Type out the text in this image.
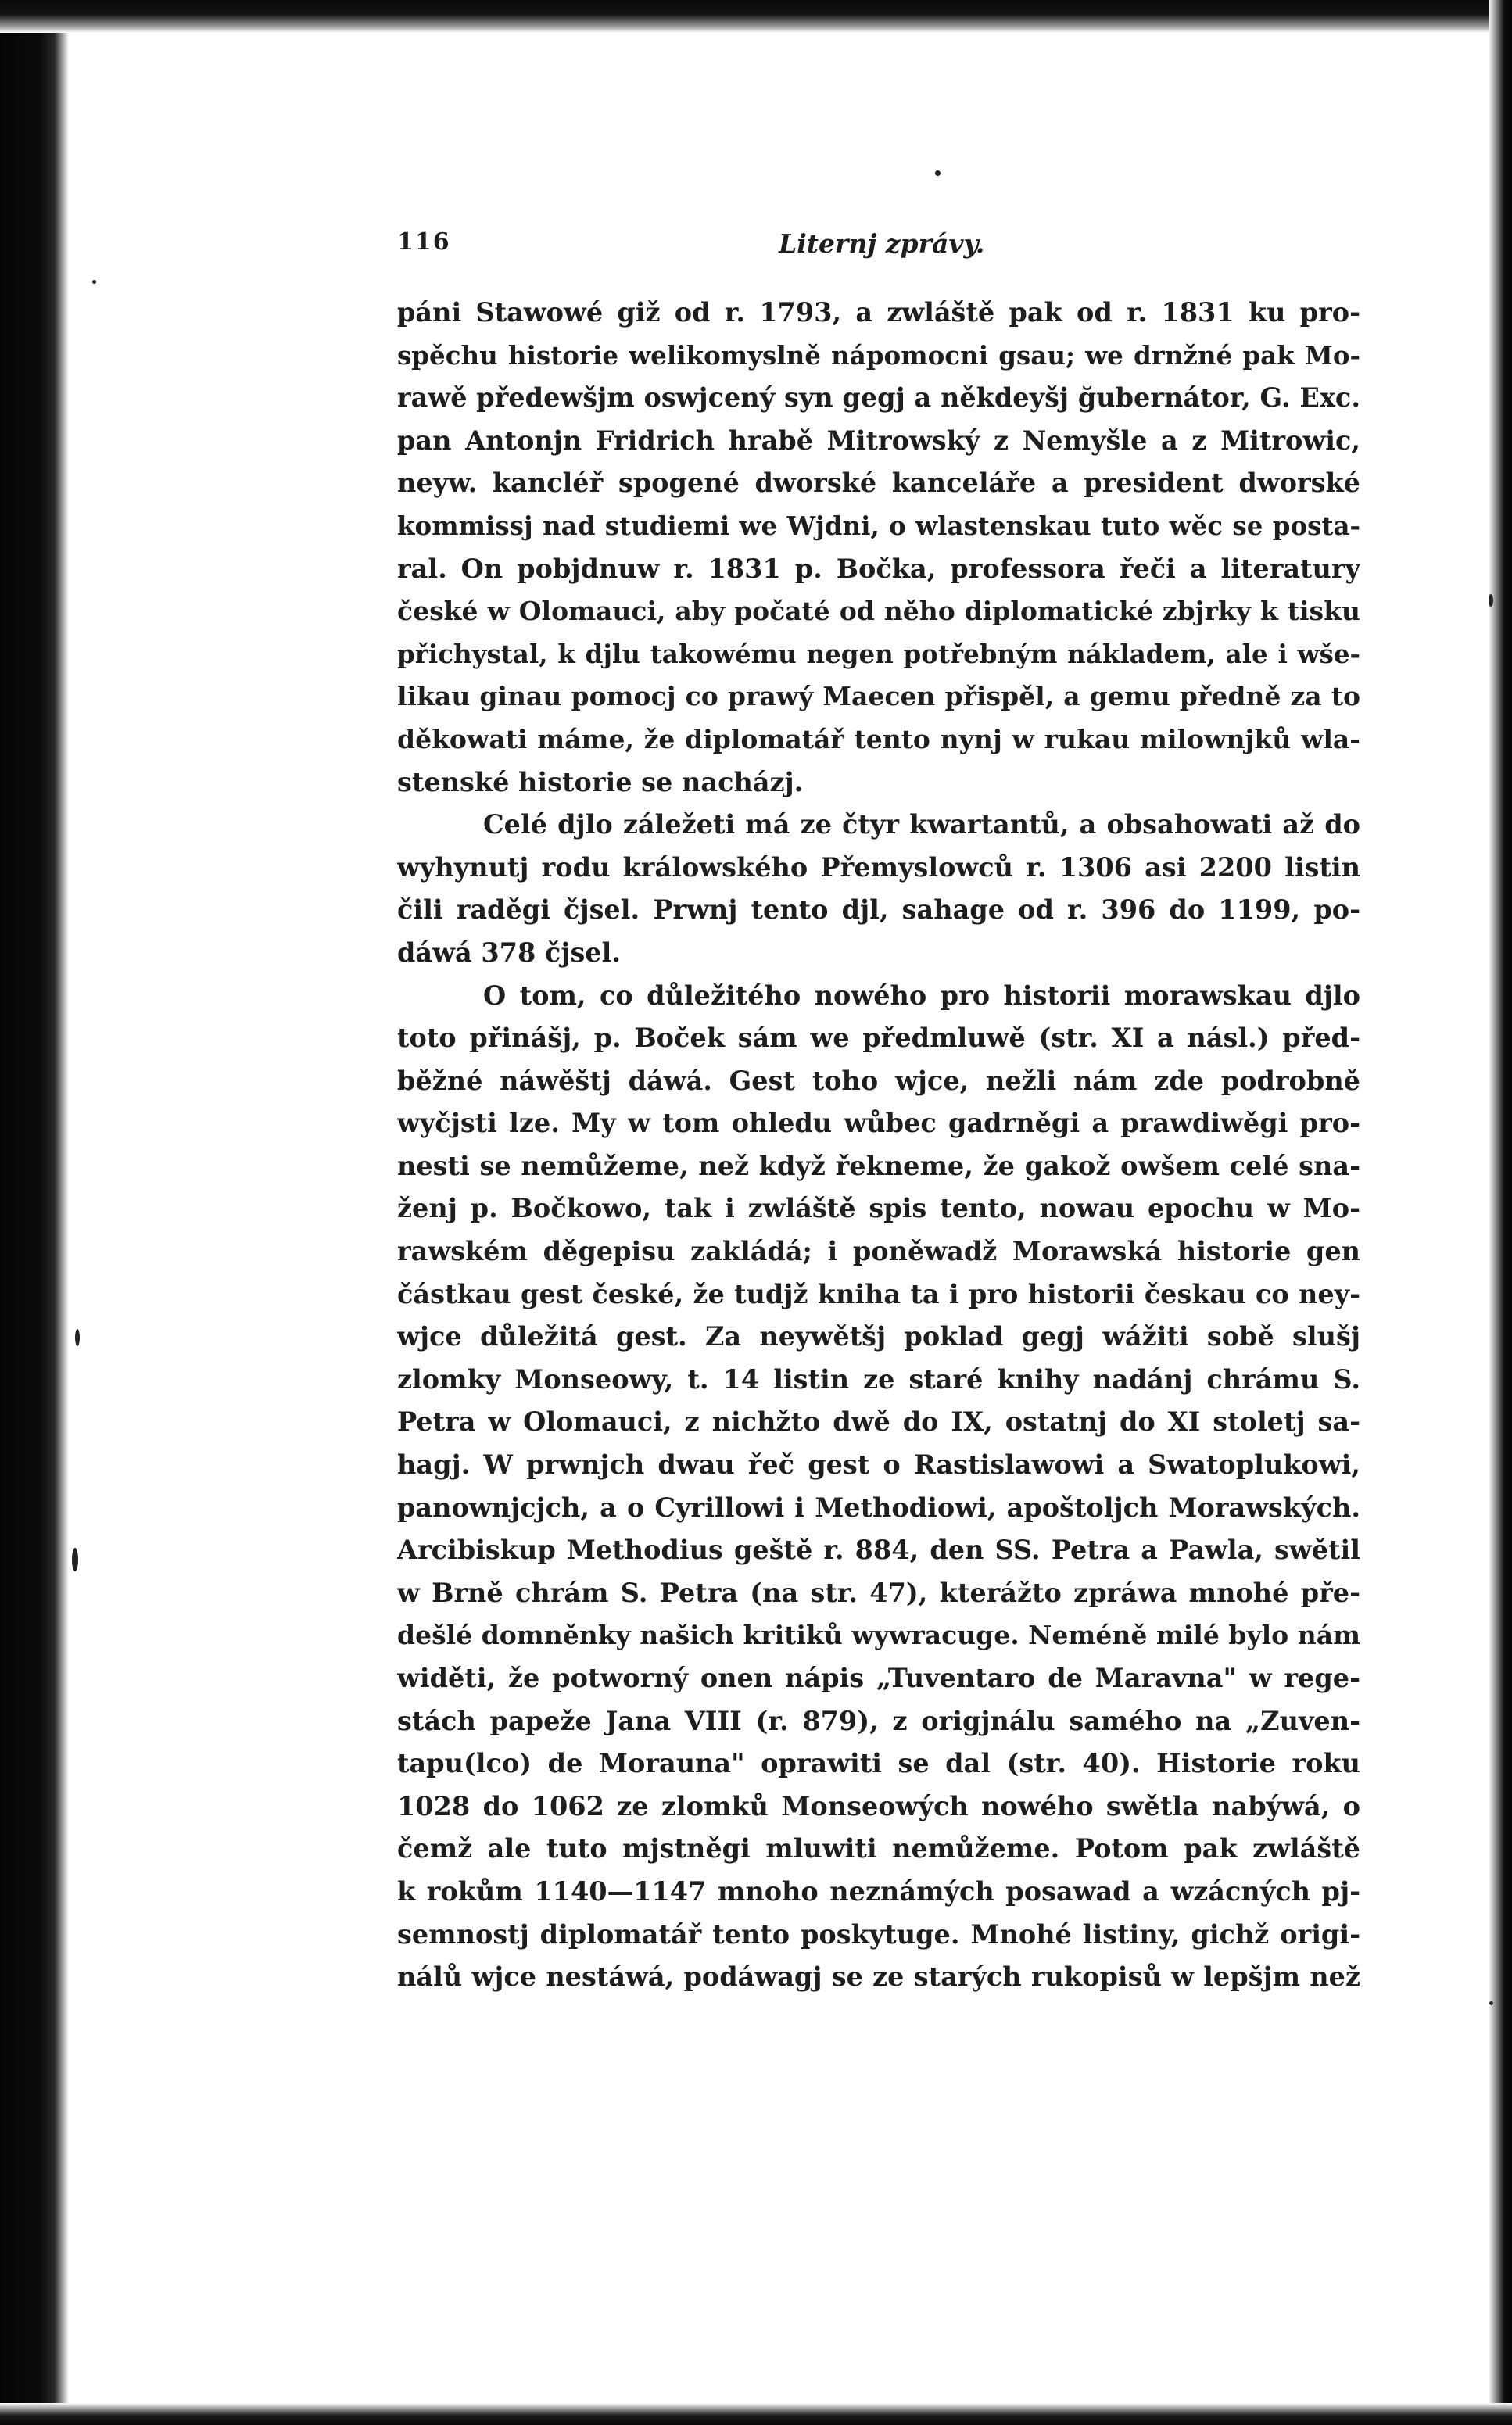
116	Liternj zprávy.
páni Stawowé giž od r. 1793, a zwláště pak od r. 1831 ku pro-
spěchu historie welikomyslně nápomocni gsau; we drnžné pak Mo-
rawě předewšjm oswjcený syn gegj a někdeyšj ğubernátor, G. Exc.
pan Antonjn Fridrich hrabě Mitrowský z Nemyšle a z Mitrowic,
neyw. kancléř spogené dworské kanceláře a president dworské
kommissj nad studiemi we Wjdni, o wlastenskau tuto wěc se posta-
ral. On pobjdnuw r. 1831 p. Bočka, professora řeči a literatury
české w Olomauci, aby počaté od něho diplomatické zbjrky k tisku
přichystal, k djlu takowému negen potřebným nákladem, ale i wše-
likau ginau pomocj co prawý Maecen přispěl, a gemu předně za to
děkowati máme, že diplomatář tento nynj w rukau milownjků wla-
stenské historie se nacházj.
Celé djlo záležeti má ze čtyr kwartantů, a obsahowati až do
wyhynutj rodu králowského Přemyslowců r. 1306 asi 2200 listin
čili raděgi čjsel. Prwnj tento djl, sahage od r. 396 do 1199, po-
dáwá 378 čjsel.
O tom, co důležitého nowého pro historii morawskau djlo
toto přinášj, p. Boček sám we předmluwě (str. XI a násl.) před-
běžné náwěštj dáwá. Gest toho wjce, nežli nám zde podrobně
wyčjsti lze. My w tom ohledu wůbec gadrněgi a prawdiwěgi pro-
nesti se nemůžeme, než když řekneme, že gakož owšem celé sna-
ženj p. Bočkowo, tak i zwláště spis tento, nowau epochu w Mo-
rawském děgepisu zakládá; i poněwadž Morawská historie gen
částkau gest české, že tudjž kniha ta i pro historii českau co ney-
wjce důležitá gest. Za neywětšj poklad gegj wážiti sobě slušj
zlomky Monseowy, t. 14 listin ze staré knihy nadánj chrámu S.
Petra w Olomauci, z nichžto dwě do IX, ostatnj do XI stoletj sa-
hagj. W prwnjch dwau řeč gest o Rastislawowi a Swatoplukowi,
panownjcjch, a o Cyrillowi i Methodiowi, apoštoljch Morawských.
Arcibiskup Methodius geště r. 884, den SS. Petra a Pawla, swětil
w Brně chrám S. Petra (na str. 47), kterážto zpráwa mnohé pře-
dešlé domněnky našich kritiků wywracuge. Neméně milé bylo nám
widěti, že potworný onen nápis „Tuventaro de Maravna" w rege-
stách papeže Jana VIII (r. 879), z origjnálu samého na „Zuven-
tapu(lco) de Morauna" oprawiti se dal (str. 40). Historie roku
1028 do 1062 ze zlomků Monseowých nowého swětla nabýwá, o
čemž ale tuto mjstněgi mluwiti nemůžeme. Potom pak zwláště
k rokům 1140—1147 mnoho neznámých posawad a wzácných pj-
semnostj diplomatář tento poskytuge. Mnohé listiny, gichž origi-
nálů wjce nestáwá, podáwagj se ze starých rukopisů w lepšjm než
